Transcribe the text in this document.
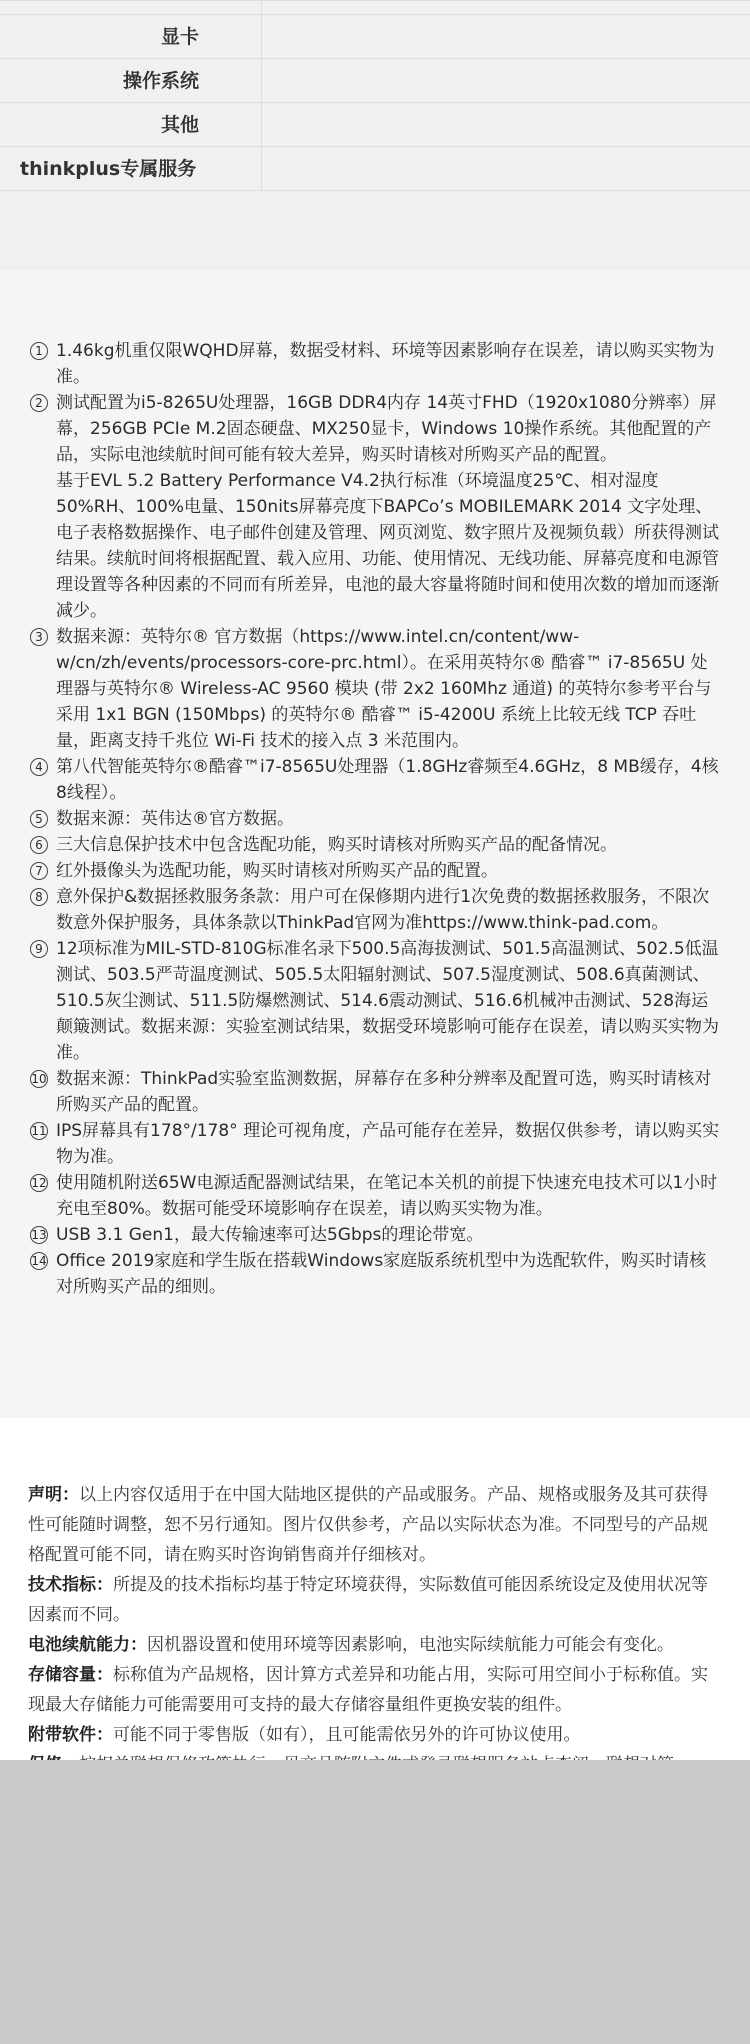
显卡
操作系统
其他
thinkplus专属服务
1 1.46kg机重仅限WQHD屏幕，数据受材料、环境等因素影响存在误差，请以购买实物为准。

2 测试配置为i5-8265U处理器，16GB DDR4内存 14英寸FHD（1920x1080分辨率）屏幕，256GB PCIe M.2固态硬盘、MX250显卡，Windows 10操作系统。其他配置的产品，实际电池续航时间可能有较大差异，购买时请核对所购买产品的配置。

基于EVL 5.2 Battery Performance V4.2执行标准（环境温度25℃、相对湿度50%RH、100%电量、150nits屏幕亮度下BAPCo’s MOBILEMARK 2014 文字处理、电子表格数据操作、电子邮件创建及管理、网页浏览、数字照片及视频负载）所获得测试结果。续航时间将根据配置、载入应用、功能、使用情况、无线功能、屏幕亮度和电源管理设置等各种因素的不同而有所差异，电池的最大容量将随时间和使用次数的增加而逐渐减少。

3 数据来源：英特尔® 官方数据（https://www.intel.cn/content/ww-w/cn/zh/events/processors-core-prc.html）。在采用英特尔® 酷睿™ i7-8565U 处理器与英特尔® Wireless-AC 9560 模块 (带 2x2 160Mhz 通道) 的英特尔参考平台与采用 1x1 BGN (150Mbps) 的英特尔® 酷睿™ i5-4200U 系统上比较无线 TCP 吞吐量，距离支持千兆位 Wi-Fi 技术的接入点 3 米范围内。

4 第八代智能英特尔®酷睿™i7-8565U处理器（1.8GHz睿频至4.6GHz，8 MB缓存，4核8线程）。

5 数据来源：英伟达®官方数据。

6 三大信息保护技术中包含选配功能，购买时请核对所购买产品的配备情况。

7 红外摄像头为选配功能，购买时请核对所购买产品的配置。

8 意外保护&数据拯救服务条款：用户可在保修期内进行1次免费的数据拯救服务，不限次数意外保护服务，具体条款以ThinkPad官网为准https://www.think-pad.com。

9 12项标准为MIL-STD-810G标准名录下500.5高海拔测试、501.5高温测试、502.5低温测试、503.5严苛温度测试、505.5太阳辐射测试、507.5湿度测试、508.6真菌测试、510.5灰尘测试、511.5防爆燃测试、514.6震动测试、516.6机械冲击测试、528海运颠簸测试。数据来源：实验室测试结果，数据受环境影响可能存在误差，请以购买实物为准。

10 数据来源：ThinkPad实验室监测数据，屏幕存在多种分辨率及配置可选，购买时请核对所购买产品的配置。

11 IPS屏幕具有178°/178° 理论可视角度，产品可能存在差异，数据仅供参考，请以购买实物为准。

12 使用随机附送65W电源适配器测试结果，在笔记本关机的前提下快速充电技术可以1小时充电至80%。数据可能受环境影响存在误差，请以购买实物为准。

13 USB 3.1 Gen1，最大传输速率可达5Gbps的理论带宽。

14 Office 2019家庭和学生版在搭载Windows家庭版系统机型中为选配软件，购买时请核对所购买产品的细则。

声明：以上内容仅适用于在中国大陆地区提供的产品或服务。产品、规格或服务及其可获得性可能随时调整，恕不另行通知。图片仅供参考，产品以实际状态为准。不同型号的产品规格配置可能不同，请在购买时咨询销售商并仔细核对。

技术指标：所提及的技术指标均基于特定环境获得，实际数值可能因系统设定及使用状况等因素而不同。

电池续航能力：因机器设置和使用环境等因素影响，电池实际续航能力可能会有变化。

存储容量：标称值为产品规格，因计算方式差异和功能占用，实际可用空间小于标称值。实现最大存储能力可能需要用可支持的最大存储容量组件更换安装的组件。

附带软件：可能不同于零售版（如有），且可能需依另外的许可协议使用。
